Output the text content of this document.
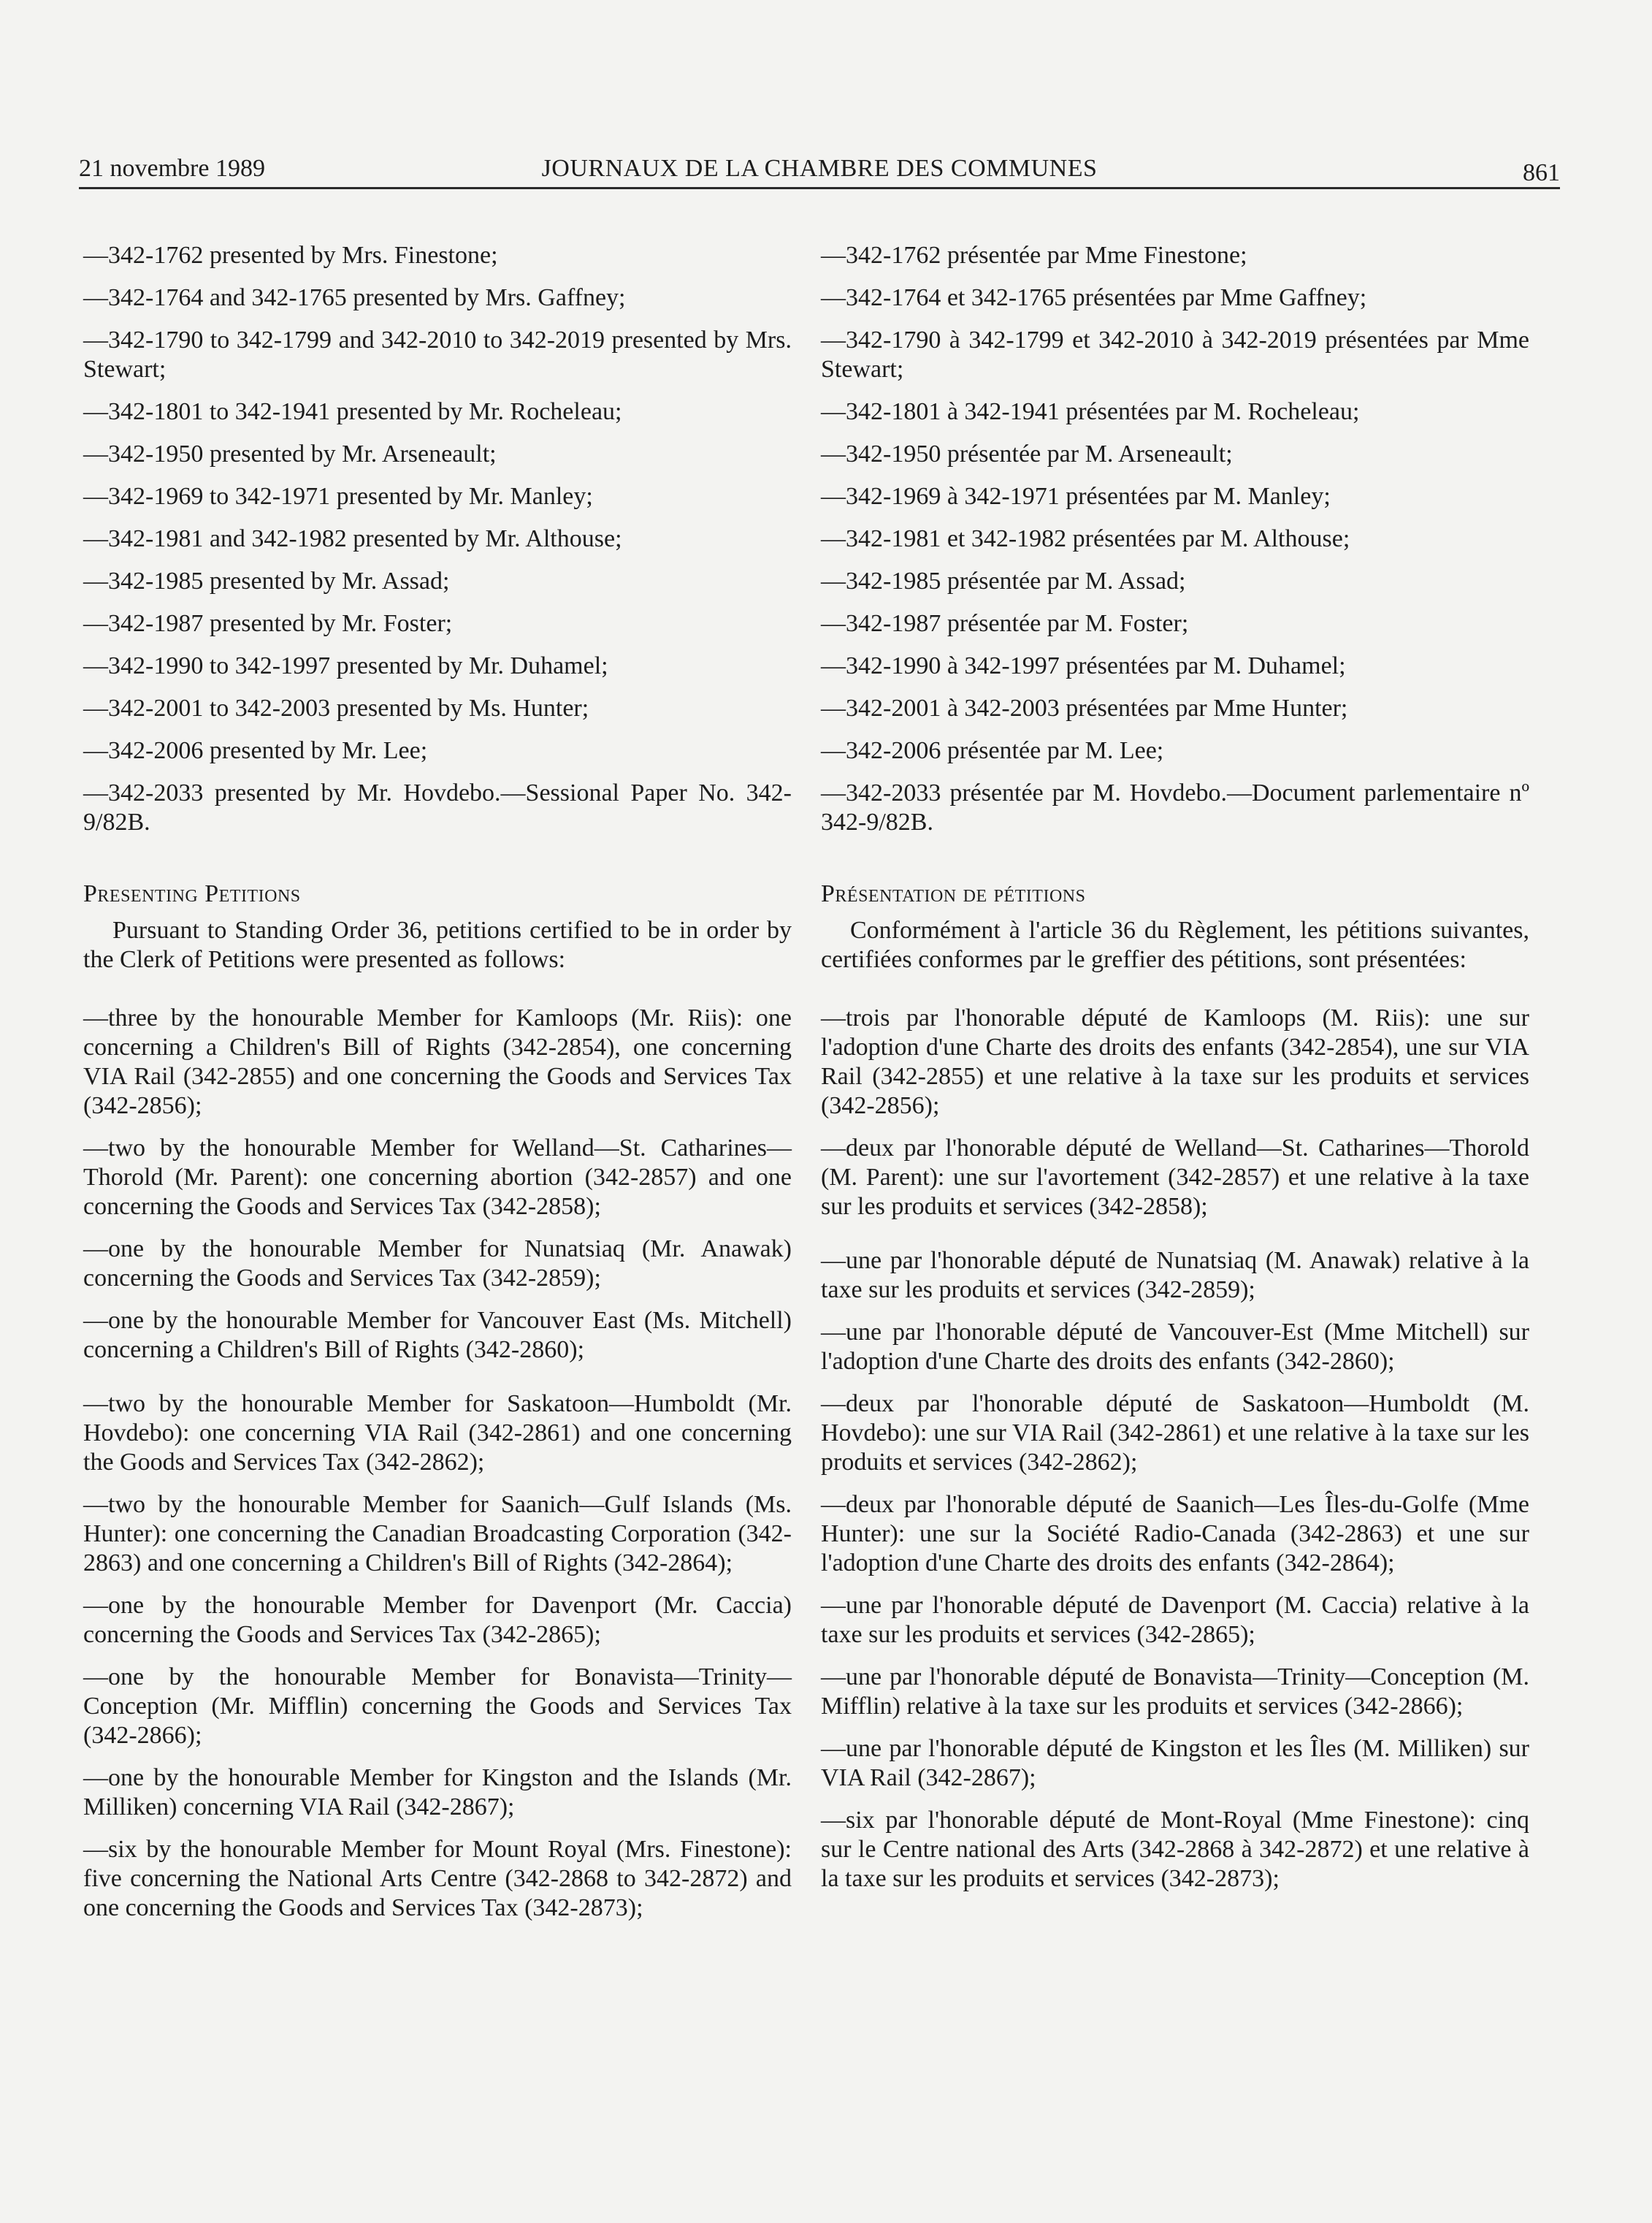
21 novembre 1989	JOURNAUX DE LA CHAMBRE DES COMMUNES	861

—342-1762 presented by Mrs. Finestone;

—342-1764 and 342-1765 presented by Mrs. Gaffney;

—342-1790 to 342-1799 and 342-2010 to 342-2019 presented by Mrs. Stewart;

—342-1801 to 342-1941 presented by Mr. Rocheleau;

—342-1950 presented by Mr. Arseneault;

—342-1969 to 342-1971 presented by Mr. Manley;

—342-1981 and 342-1982 presented by Mr. Althouse;

—342-1985 presented by Mr. Assad;

—342-1987 presented by Mr. Foster;

—342-1990 to 342-1997 presented by Mr. Duhamel;

—342-2001 to 342-2003 presented by Ms. Hunter;

—342-2006 presented by Mr. Lee;

—342-2033 presented by Mr. Hovdebo.—Sessional Paper No. 342-9/82B.

Presenting Petitions

Pursuant to Standing Order 36, petitions certified to be in order by the Clerk of Petitions were presented as follows:

—three by the honourable Member for Kamloops (Mr. Riis): one concerning a Children's Bill of Rights (342-2854), one concerning VIA Rail (342-2855) and one concerning the Goods and Services Tax (342-2856);

—two by the honourable Member for Welland—St. Catharines—Thorold (Mr. Parent): one concerning abortion (342-2857) and one concerning the Goods and Services Tax (342-2858);

—one by the honourable Member for Nunatsiaq (Mr. Anawak) concerning the Goods and Services Tax (342-2859);

—one by the honourable Member for Vancouver East (Ms. Mitchell) concerning a Children's Bill of Rights (342-2860);

—two by the honourable Member for Saskatoon—Humboldt (Mr. Hovdebo): one concerning VIA Rail (342-2861) and one concerning the Goods and Services Tax (342-2862);

—two by the honourable Member for Saanich—Gulf Islands (Ms. Hunter): one concerning the Canadian Broadcasting Corporation (342-2863) and one concerning a Children's Bill of Rights (342-2864);

—one by the honourable Member for Davenport (Mr. Caccia) concerning the Goods and Services Tax (342-2865);

—one by the honourable Member for Bonavista—Trinity—Conception (Mr. Mifflin) concerning the Goods and Services Tax (342-2866);

—one by the honourable Member for Kingston and the Islands (Mr. Milliken) concerning VIA Rail (342-2867);

—six by the honourable Member for Mount Royal (Mrs. Finestone): five concerning the National Arts Centre (342-2868 to 342-2872) and one concerning the Goods and Services Tax (342-2873);

—342-1762 présentée par Mme Finestone;

—342-1764 et 342-1765 présentées par Mme Gaffney;

—342-1790 à 342-1799 et 342-2010 à 342-2019 présentées par Mme Stewart;

—342-1801 à 342-1941 présentées par M. Rocheleau;

—342-1950 présentée par M. Arseneault;

—342-1969 à 342-1971 présentées par M. Manley;

—342-1981 et 342-1982 présentées par M. Althouse;

—342-1985 présentée par M. Assad;

—342-1987 présentée par M. Foster;

—342-1990 à 342-1997 présentées par M. Duhamel;

—342-2001 à 342-2003 présentées par Mme Hunter;

—342-2006 présentée par M. Lee;

—342-2033 présentée par M. Hovdebo.—Document parlementaire nº 342-9/82B.

Présentation de pétitions

Conformément à l'article 36 du Règlement, les pétitions suivantes, certifiées conformes par le greffier des pétitions, sont présentées:

—trois par l'honorable député de Kamloops (M. Riis): une sur l'adoption d'une Charte des droits des enfants (342-2854), une sur VIA Rail (342-2855) et une relative à la taxe sur les produits et services (342-2856);

—deux par l'honorable député de Welland—St. Catharines—Thorold (M. Parent): une sur l'avortement (342-2857) et une relative à la taxe sur les produits et services (342-2858);

—une par l'honorable député de Nunatsiaq (M. Anawak) relative à la taxe sur les produits et services (342-2859);

—une par l'honorable député de Vancouver-Est (Mme Mitchell) sur l'adoption d'une Charte des droits des enfants (342-2860);

—deux par l'honorable député de Saskatoon—Humboldt (M. Hovdebo): une sur VIA Rail (342-2861) et une relative à la taxe sur les produits et services (342-2862);

—deux par l'honorable député de Saanich—Les Îles-du-Golfe (Mme Hunter): une sur la Société Radio-Canada (342-2863) et une sur l'adoption d'une Charte des droits des enfants (342-2864);

—une par l'honorable député de Davenport (M. Caccia) relative à la taxe sur les produits et services (342-2865);

—une par l'honorable député de Bonavista—Trinity—Conception (M. Mifflin) relative à la taxe sur les produits et services (342-2866);

—une par l'honorable député de Kingston et les Îles (M. Milliken) sur VIA Rail (342-2867);

—six par l'honorable député de Mont-Royal (Mme Finestone): cinq sur le Centre national des Arts (342-2868 à 342-2872) et une relative à la taxe sur les produits et services (342-2873);
